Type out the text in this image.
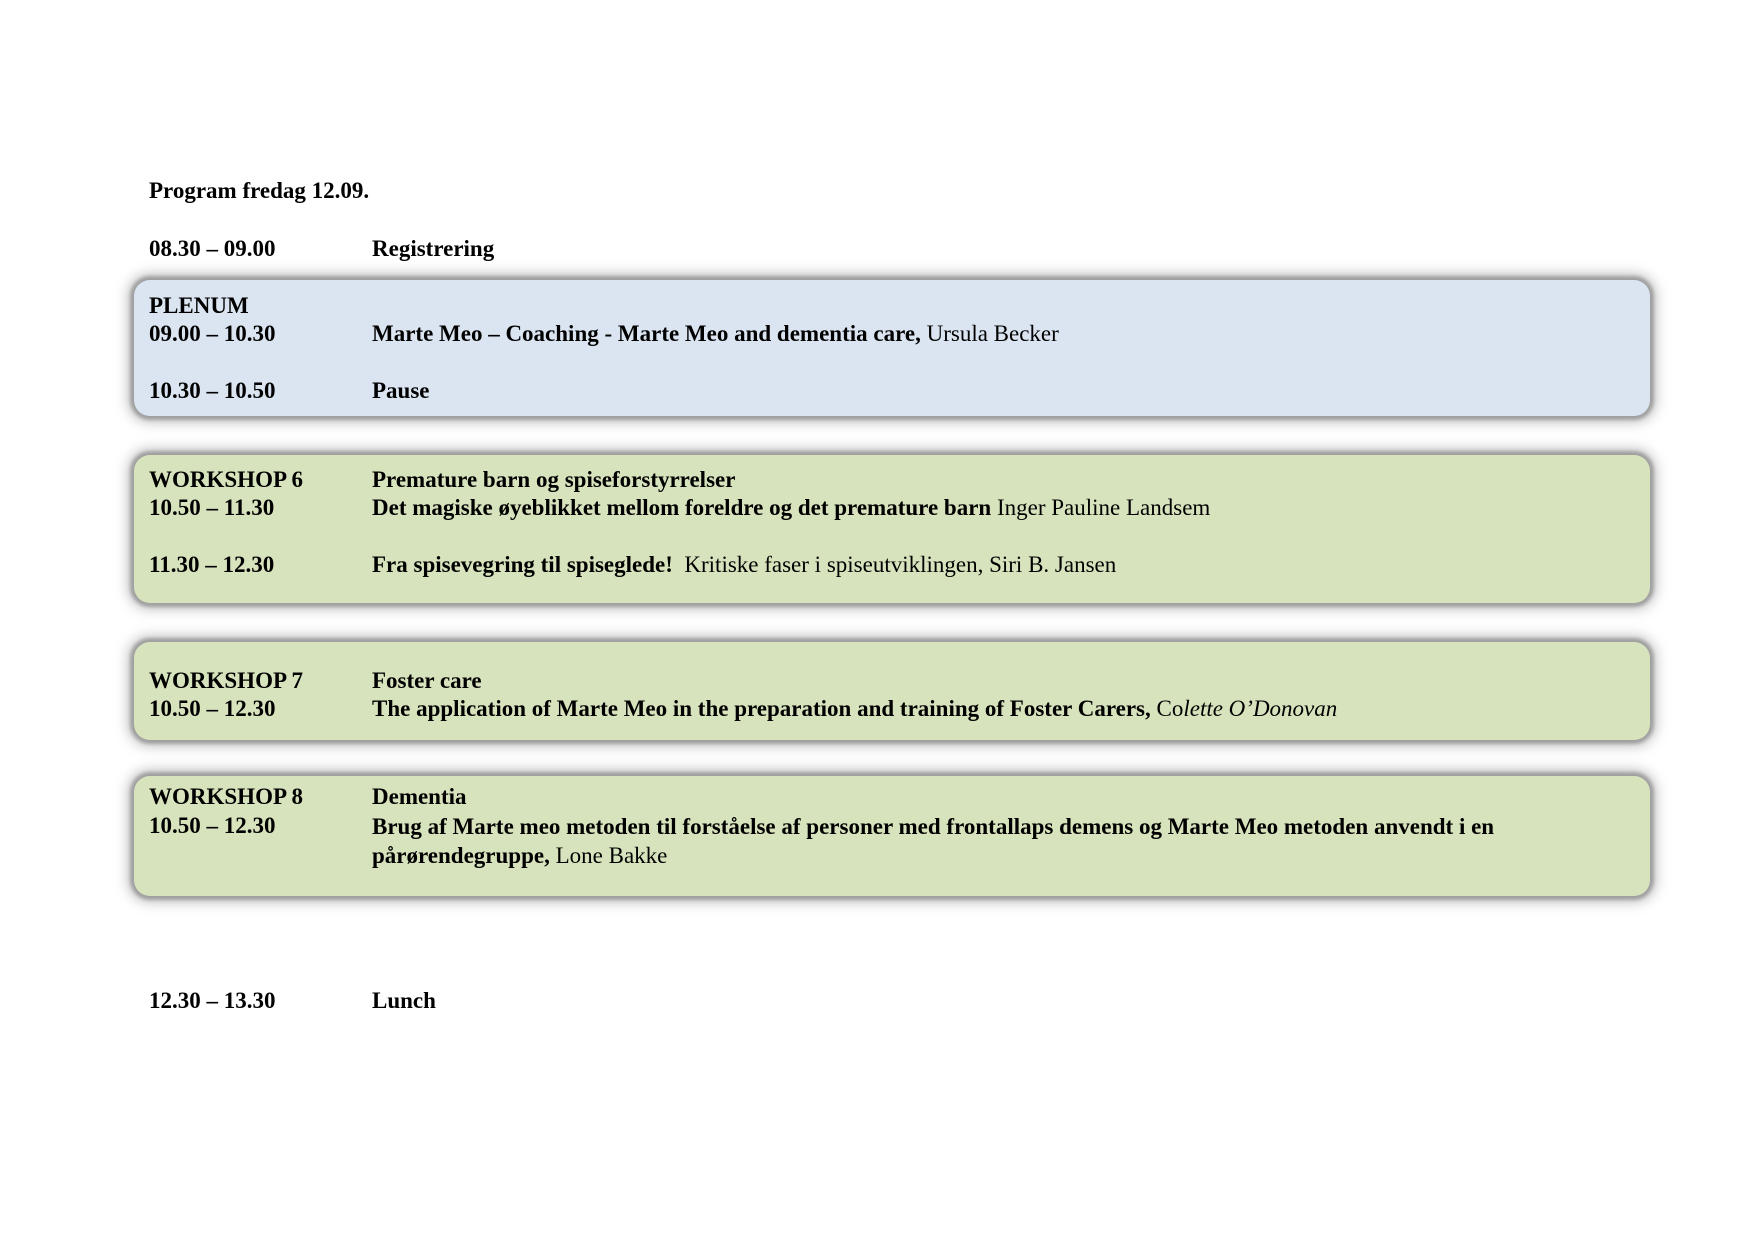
Program fredag 12.09.
08.30 – 09.00	Registrering
PLENUM
09.00 – 10.30	Marte Meo – Coaching - Marte Meo and dementia care, Ursula Becker
10.30 – 10.50	Pause
WORKSHOP 6	Premature barn og spiseforstyrrelser
10.50 – 11.30	Det magiske øyeblikket mellom foreldre og det premature barn Inger Pauline Landsem
11.30 – 12.30	Fra spisevegring til spiseglede! Kritiske faser i spiseutviklingen, Siri B. Jansen
WORKSHOP 7	Foster care
10.50 – 12.30	The application of Marte Meo in the preparation and training of Foster Carers, Colette O’Donovan
WORKSHOP 8	Dementia
10.50 – 12.30	Brug af Marte meo metoden til forståelse af personer med frontallaps demens og Marte Meo metoden anvendt i en pårørendegruppe, Lone Bakke
12.30 – 13.30	Lunch
